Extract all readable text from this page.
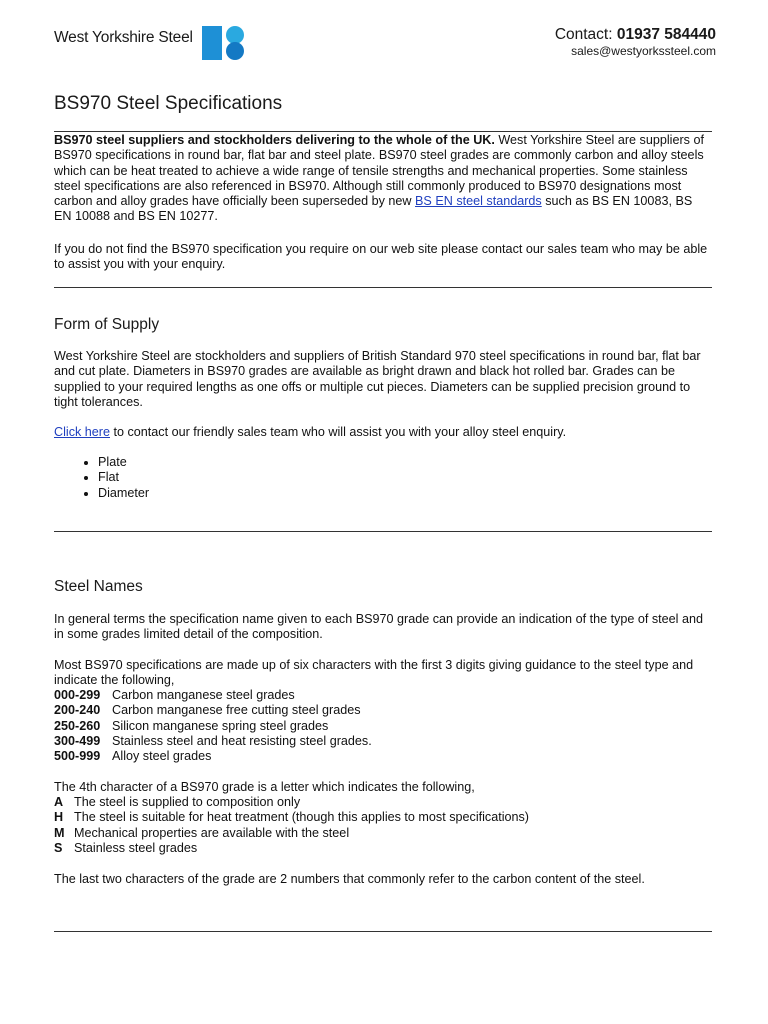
West Yorkshire Steel	Contact: 01937 584440
sales@westyorkssteel.com
BS970 Steel Specifications

BS970 steel suppliers and stockholders delivering to the whole of the UK. West Yorkshire Steel are suppliers of BS970 specifications in round bar, flat bar and steel plate. BS970 steel grades are commonly carbon and alloy steels which can be heat treated to achieve a wide range of tensile strengths and mechanical properties. Some stainless steel specifications are also referenced in BS970. Although still commonly produced to BS970 designations most carbon and alloy grades have officially been superseded by new BS EN steel standards such as BS EN 10083, BS EN 10088 and BS EN 10277.

If you do not find the BS970 specification you require on our web site please contact our sales team who may be able to assist you with your enquiry.

Form of Supply

West Yorkshire Steel are stockholders and suppliers of British Standard 970 steel specifications in round bar, flat bar and cut plate. Diameters in BS970 grades are available as bright drawn and black hot rolled bar. Grades can be supplied to your required lengths as one offs or multiple cut pieces. Diameters can be supplied precision ground to tight tolerances.

Click here to contact our friendly sales team who will assist you with your alloy steel enquiry.

• Plate
• Flat
• Diameter
Steel Names

In general terms the specification name given to each BS970 grade can provide an indication of the type of steel and in some grades limited detail of the composition.

Most BS970 specifications are made up of six characters with the first 3 digits giving guidance to the steel type and indicate the following,

000-299 Carbon manganese steel grades
200-240 Carbon manganese free cutting steel grades
250-260 Silicon manganese spring steel grades
300-499 Stainless steel and heat resisting steel grades.
500-999 Alloy steel grades

The 4th character of a BS970 grade is a letter which indicates the following,

A The steel is supplied to composition only
H The steel is suitable for heat treatment (though this applies to most specifications)
M Mechanical properties are available with the steel
S Stainless steel grades

The last two characters of the grade are 2 numbers that commonly refer to the carbon content of the steel.
